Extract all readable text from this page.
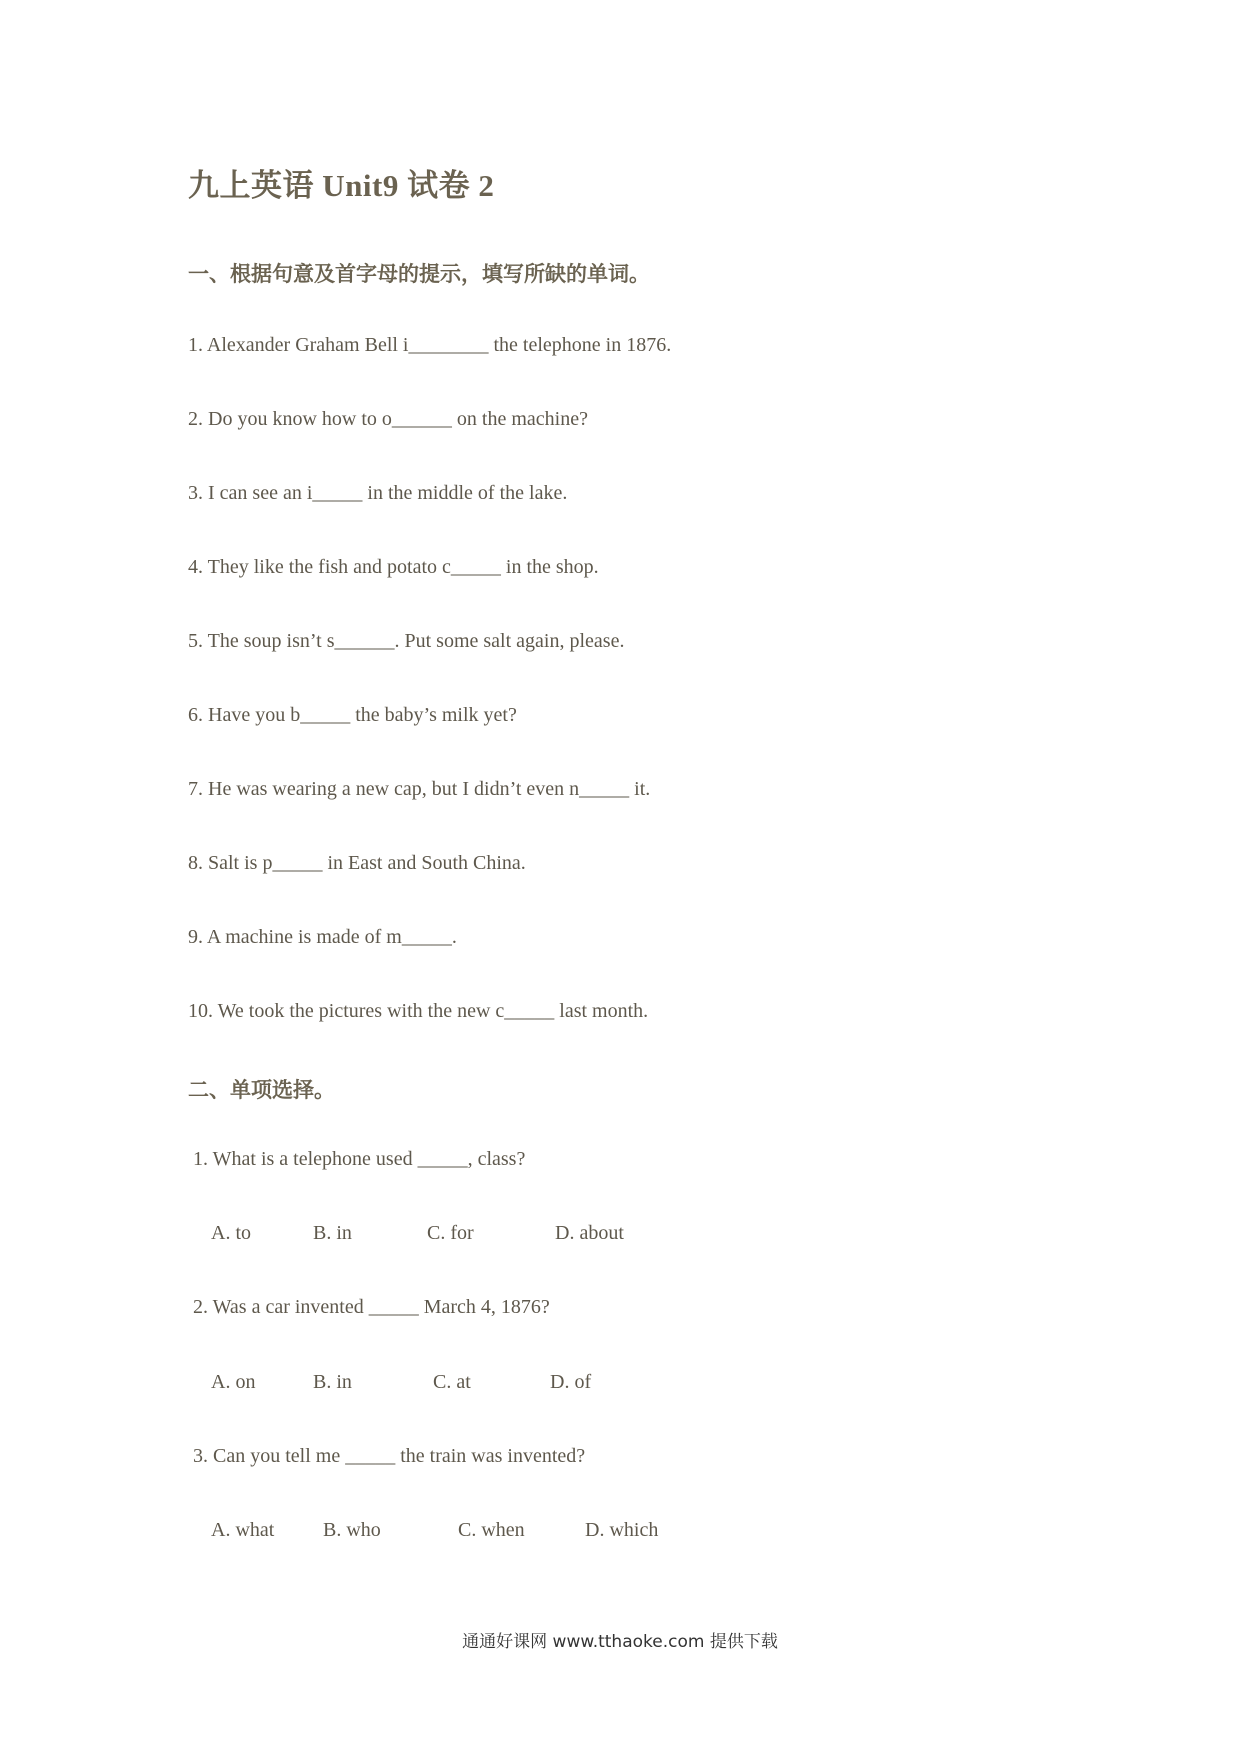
九上英语 Unit9 试卷 2
一、根据句意及首字母的提示，填写所缺的单词。
1. Alexander Graham Bell i________ the telephone in 1876.
2. Do you know how to o______ on the machine?
3. I can see an i_____ in the middle of the lake.
4. They like the fish and potato c_____ in the shop.
5. The soup isn’t s______. Put some salt again, please.
6. Have you b_____ the baby’s milk yet?
7. He was wearing a new cap, but I didn’t even n_____ it.
8. Salt is p_____ in East and South China.
9. A machine is made of m_____.
10. We took the pictures with the new c_____ last month.
二、单项选择。
1. What is a telephone used _____, class?
A. to	B. in	C. for	D. about
2. Was a car invented _____ March 4, 1876?
A. on	B. in	C. at	D. of
3. Can you tell me _____ the train was invented?
A. what B. who	C. when	D. which
通通好课网 www.tthaoke.com 提供下载
